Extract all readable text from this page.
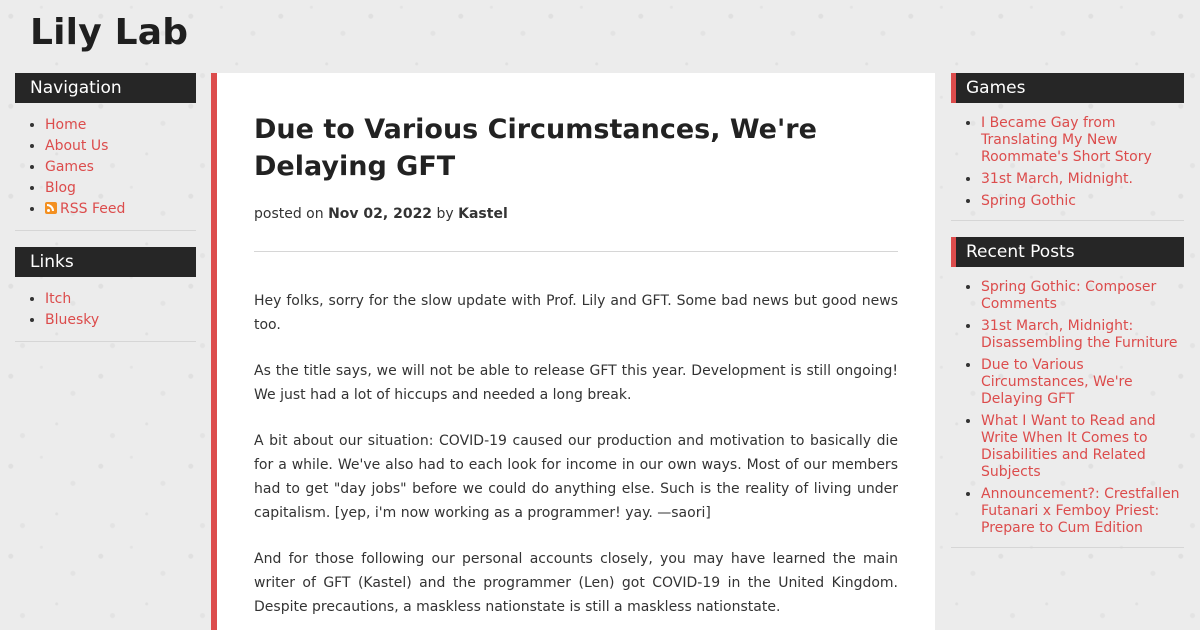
Lily Lab
Navigation
• Home
• About Us
• Games
• Blog
• RSS Feed
Links
• Itch
• Bluesky
Due to Various Circumstances, We're Delaying GFT

posted on Nov 02, 2022 by Kastel

Hey folks, sorry for the slow update with Prof. Lily and GFT. Some bad news but good news too.

As the title says, we will not be able to release GFT this year. Development is still ongoing! We just had a lot of hiccups and needed a long break.

A bit about our situation: COVID-19 caused our production and motivation to basically die for a while. We've also had to each look for income in our own ways. Most of our members had to get "day jobs" before we could do anything else. Such is the reality of living under capitalism. [yep, i'm now working as a programmer! yay. —saori]

And for those following our personal accounts closely, you may have learned the main writer of GFT (Kastel) and the programmer (Len) got COVID-19 in the United Kingdom. Despite precautions, a maskless nationstate is still a maskless nationstate.

Games
• I Became Gay from Translating My New Roommate's Short Story
• 31st March, Midnight.
• Spring Gothic
Recent Posts
• Spring Gothic: Composer Comments
• 31st March, Midnight: Disassembling the Furniture
• Due to Various Circumstances, We're Delaying GFT
• What I Want to Read and Write When It Comes to Disabilities and Related Subjects
• Announcement?: Crestfallen Futanari x Femboy Priest: Prepare to Cum Edition
